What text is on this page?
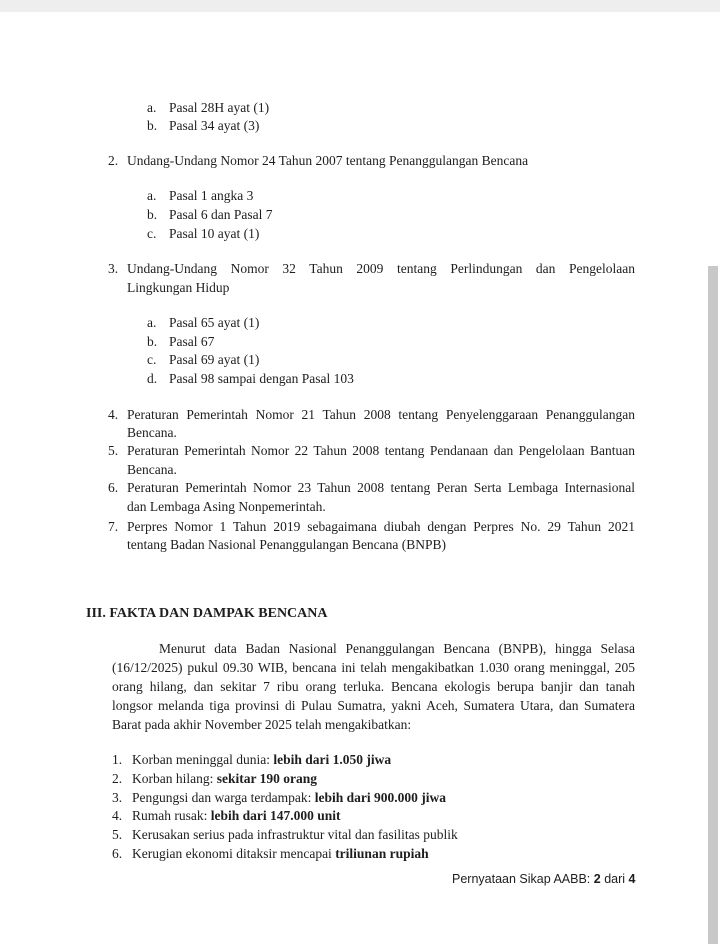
a. Pasal 28H ayat (1)
b. Pasal 34 ayat (3)
2. Undang-Undang Nomor 24 Tahun 2007 tentang Penanggulangan Bencana
a. Pasal 1 angka 3
b. Pasal 6 dan Pasal 7
c. Pasal 10 ayat (1)
3. Undang-Undang Nomor 32 Tahun 2009 tentang Perlindungan dan Pengelolaan
Lingkungan Hidup
a. Pasal 65 ayat (1)
b. Pasal 67
c. Pasal 69 ayat (1)
d. Pasal 98 sampai dengan Pasal 103
4. Peraturan Pemerintah Nomor 21 Tahun 2008 tentang Penyelenggaraan Penanggulangan
Bencana.
5. Peraturan Pemerintah Nomor 22 Tahun 2008 tentang Pendanaan dan Pengelolaan Bantuan
Bencana.
6. Peraturan Pemerintah Nomor 23 Tahun 2008 tentang Peran Serta Lembaga Internasional
dan Lembaga Asing Nonpemerintah.
7. Perpres Nomor 1 Tahun 2019 sebagaimana diubah dengan Perpres No. 29 Tahun 2021
tentang Badan Nasional Penanggulangan Bencana (BNPB)
III. FAKTA DAN DAMPAK BENCANA
Menurut data Badan Nasional Penanggulangan Bencana (BNPB), hingga Selasa
(16/12/2025) pukul 09.30 WIB, bencana ini telah mengakibatkan 1.030 orang meninggal, 205
orang hilang, dan sekitar 7 ribu orang terluka. Bencana ekologis berupa banjir dan tanah
longsor melanda tiga provinsi di Pulau Sumatra, yakni Aceh, Sumatera Utara, dan Sumatera
Barat pada akhir November 2025 telah mengakibatkan:
1. Korban meninggal dunia: lebih dari 1.050 jiwa
2. Korban hilang: sekitar 190 orang
3. Pengungsi dan warga terdampak: lebih dari 900.000 jiwa
4. Rumah rusak: lebih dari 147.000 unit
5. Kerusakan serius pada infrastruktur vital dan fasilitas publik
6. Kerugian ekonomi ditaksir mencapai triliunan rupiah
Pernyataan Sikap AABB: 2 dari 4
